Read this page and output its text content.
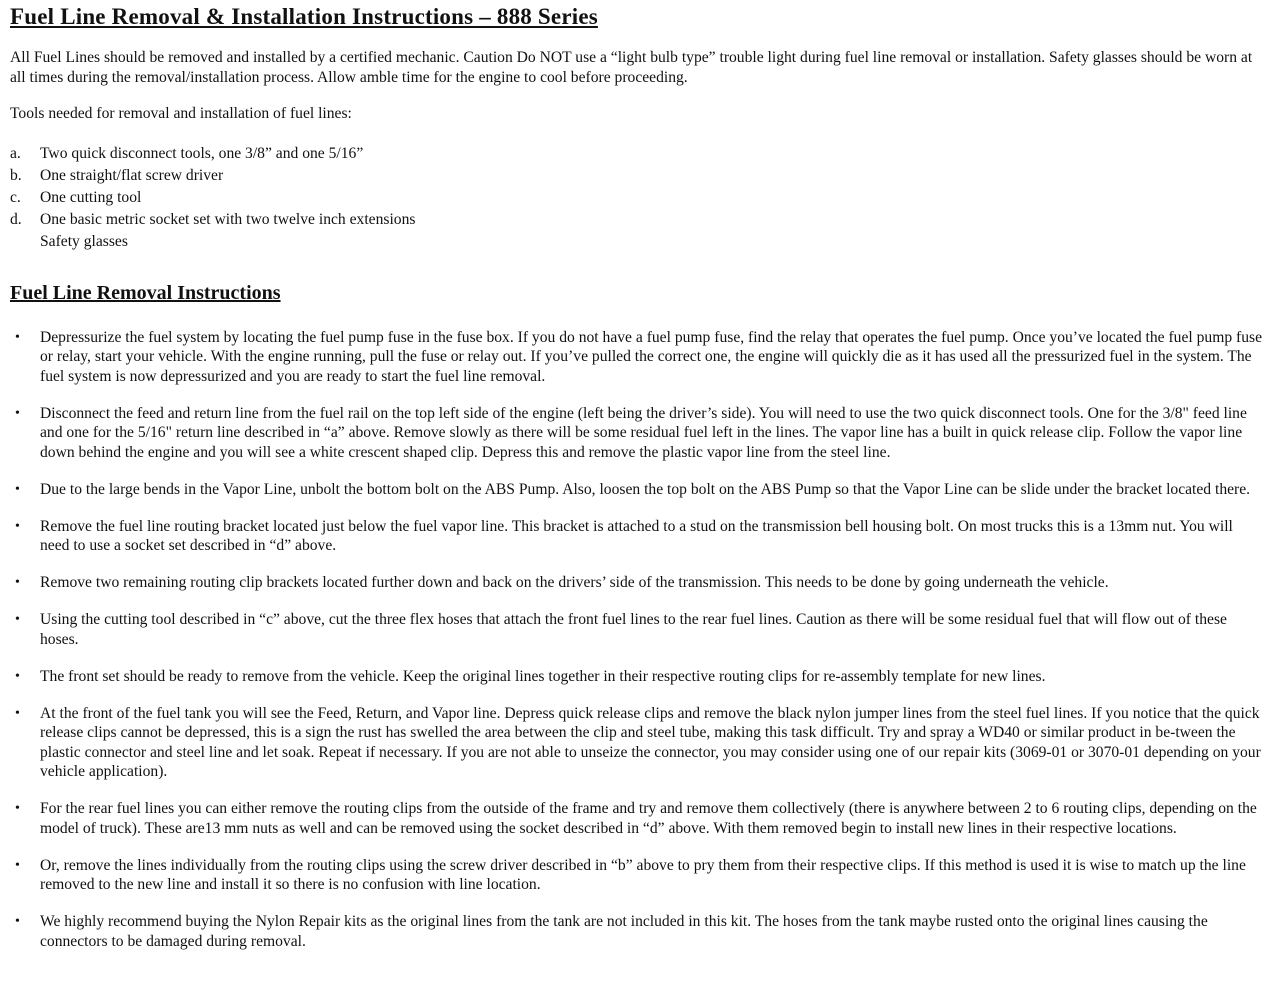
Fuel Line Removal & Installation Instructions – 888 Series

All Fuel Lines should be removed and installed by a certified mechanic. Caution Do NOT use a “light bulb type” trouble light during fuel line removal or installation. Safety glasses should be worn at all times during the removal/installation process. Allow amble time for the engine to cool before proceeding.

Tools needed for removal and installation of fuel lines:

a.	Two quick disconnect tools, one 3/8” and one 5/16”
b.	One straight/flat screw driver
c.	One cutting tool
d.	One basic metric socket set with two twelve inch extensions
Safety glasses
Fuel Line Removal Instructions
•	Depressurize the fuel system by locating the fuel pump fuse in the fuse box. If you do not have a fuel pump fuse, find the relay that operates the fuel pump. Once you’ve located the fuel pump fuse or relay, start your vehicle. With the engine running, pull the fuse or relay out. If you’ve pulled the correct one, the engine will quickly die as it has used all the pressurized fuel in the system. The fuel system is now depressurized and you are ready to start the fuel line removal.
•	Disconnect the feed and return line from the fuel rail on the top left side of the engine (left being the driver’s side). You will need to use the two quick disconnect tools. One for the 3/8" feed line and one for the 5/16" return line described in “a” above. Remove slowly as there will be some residual fuel left in the lines. The vapor line has a built in quick release clip. Follow the vapor line down behind the engine and you will see a white crescent shaped clip. Depress this and remove the plastic vapor line from the steel line.
•	Due to the large bends in the Vapor Line, unbolt the bottom bolt on the ABS Pump. Also, loosen the top bolt on the ABS Pump so that the Vapor Line can be slide under the bracket located there.
•	Remove the fuel line routing bracket located just below the fuel vapor line. This bracket is attached to a stud on the transmission bell housing bolt. On most trucks this is a 13mm nut. You will need to use a socket set described in “d” above.
•	Remove two remaining routing clip brackets located further down and back on the drivers’ side of the transmission. This needs to be done by going underneath the vehicle.
•	Using the cutting tool described in “c” above, cut the three flex hoses that attach the front fuel lines to the rear fuel lines. Caution as there will be some residual fuel that will flow out of these hoses.
•	The front set should be ready to remove from the vehicle. Keep the original lines together in their respective routing clips for re-assembly template for new lines.
•	At the front of the fuel tank you will see the Feed, Return, and Vapor line. Depress quick release clips and remove the black nylon jumper lines from the steel fuel lines. If you notice that the quick release clips cannot be depressed, this is a sign the rust has swelled the area between the clip and steel tube, making this task difficult. Try and spray a WD40 or similar product in be-tween the plastic connector and steel line and let soak. Repeat if necessary. If you are not able to unseize the connector, you may consider using one of our repair kits (3069-01 or 3070-01 depending on your vehicle application).
•	For the rear fuel lines you can either remove the routing clips from the outside of the frame and try and remove them collectively (there is anywhere between 2 to 6 routing clips, depending on the model of truck). These are13 mm nuts as well and can be removed using the socket described in “d” above. With them removed begin to install new lines in their respective locations.
•	Or, remove the lines individually from the routing clips using the screw driver described in “b” above to pry them from their respective clips. If this method is used it is wise to match up the line removed to the new line and install it so there is no confusion with line location.
•	We highly recommend buying the Nylon Repair kits as the original lines from the tank are not included in this kit. The hoses from the tank maybe rusted onto the original lines causing the connectors to be damaged during removal.
